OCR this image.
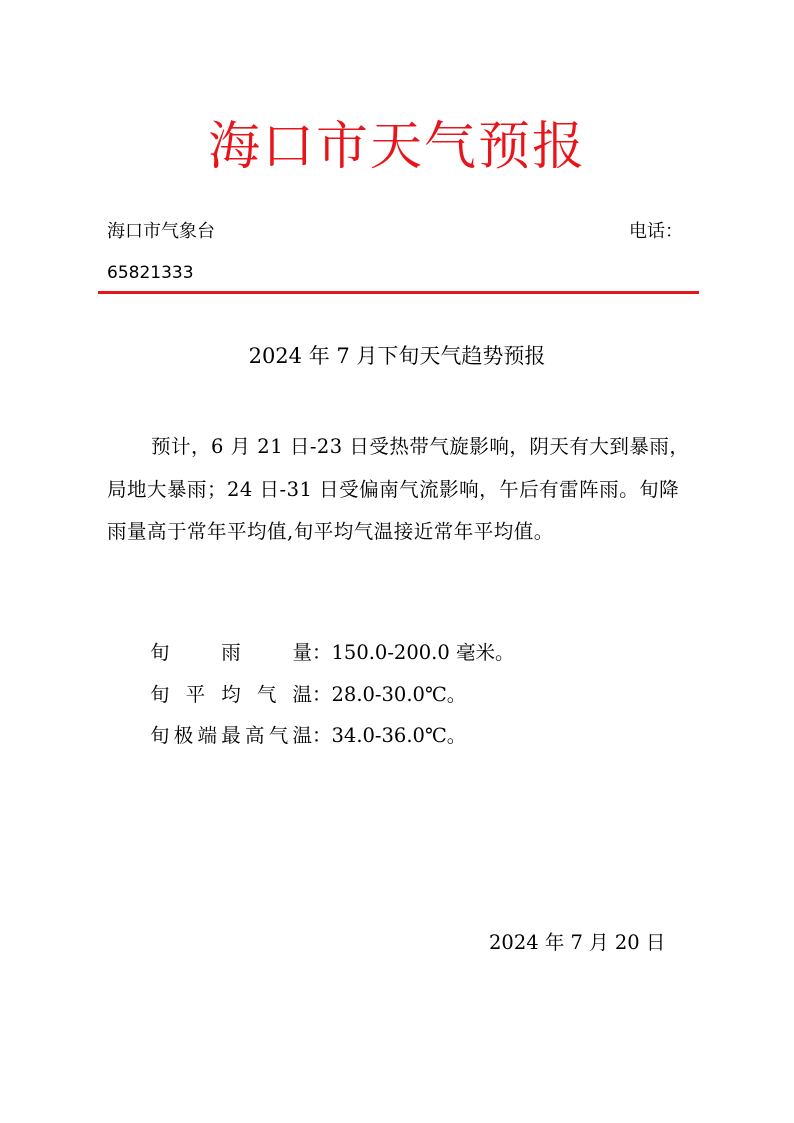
海口市天气预报
海口市气象台	电话：
65821333
2024 年 7 月下旬天气趋势预报

预计，6 月 21 日-23 日受热带气旋影响，阴天有大到暴雨，局地大暴雨；24 日-31 日受偏南气流影响，午后有雷阵雨。旬降雨量高于常年平均值,旬平均气温接近常年平均值。

旬雨量 ： 150.0-200.0 毫米。
旬平均气温 ： 28.0-30.0℃。
旬极端最高气温 ： 34.0-36.0℃。
2024 年 7 月 20 日
